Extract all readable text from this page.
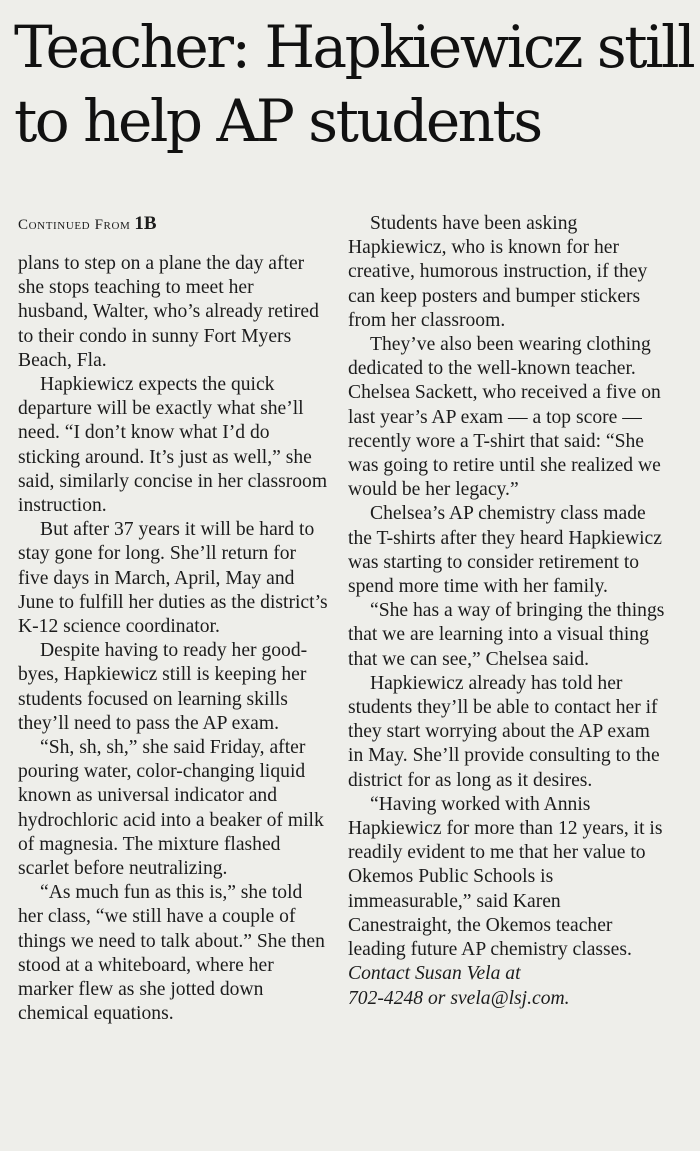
Teacher: Hapkiewicz still to help AP students
Continued From 1B

plans to step on a plane the day after she stops teaching to meet her husband, Walter, who’s already retired to their condo in sunny Fort Myers Beach, Fla.

Hapkiewicz expects the quick departure will be exactly what she’ll need. “I don’t know what I’d do sticking around. It’s just as well,” she said, similarly concise in her classroom instruction.

But after 37 years it will be hard to stay gone for long. She’ll return for five days in March, April, May and June to fulfill her duties as the district’s K-12 science coordinator.

Despite having to ready her good-byes, Hapkiewicz still is keeping her students focused on learning skills they’ll need to pass the AP exam.

“Sh, sh, sh,” she said Friday, after pouring water, color-changing liquid known as universal indicator and hydrochloric acid into a beaker of milk of magnesia. The mixture flashed scarlet before neutralizing.

“As much fun as this is,” she told her class, “we still have a couple of things we need to talk about.” She then stood at a whiteboard, where her marker flew as she jotted down chemical equations.

Students have been asking Hapkiewicz, who is known for her creative, humorous instruction, if they can keep posters and bumper stickers from her classroom.

They’ve also been wearing clothing dedicated to the well-known teacher. Chelsea Sackett, who received a five on last year’s AP exam — a top score — recently wore a T-shirt that said: “She was going to retire until she realized we would be her legacy.”

Chelsea’s AP chemistry class made the T-shirts after they heard Hapkiewicz was starting to consider retirement to spend more time with her family.

“She has a way of bringing the things that we are learning into a visual thing that we can see,” Chelsea said.

Hapkiewicz already has told her students they’ll be able to contact her if they start worrying about the AP exam in May. She’ll provide consulting to the district for as long as it desires.

“Having worked with Annis Hapkiewicz for more than 12 years, it is readily evident to me that her value to Okemos Public Schools is immeasurable,” said Karen Canestraight, the Okemos teacher leading future AP chemistry classes.

Contact Susan Vela at

702-4248 or svela@lsj.com.
